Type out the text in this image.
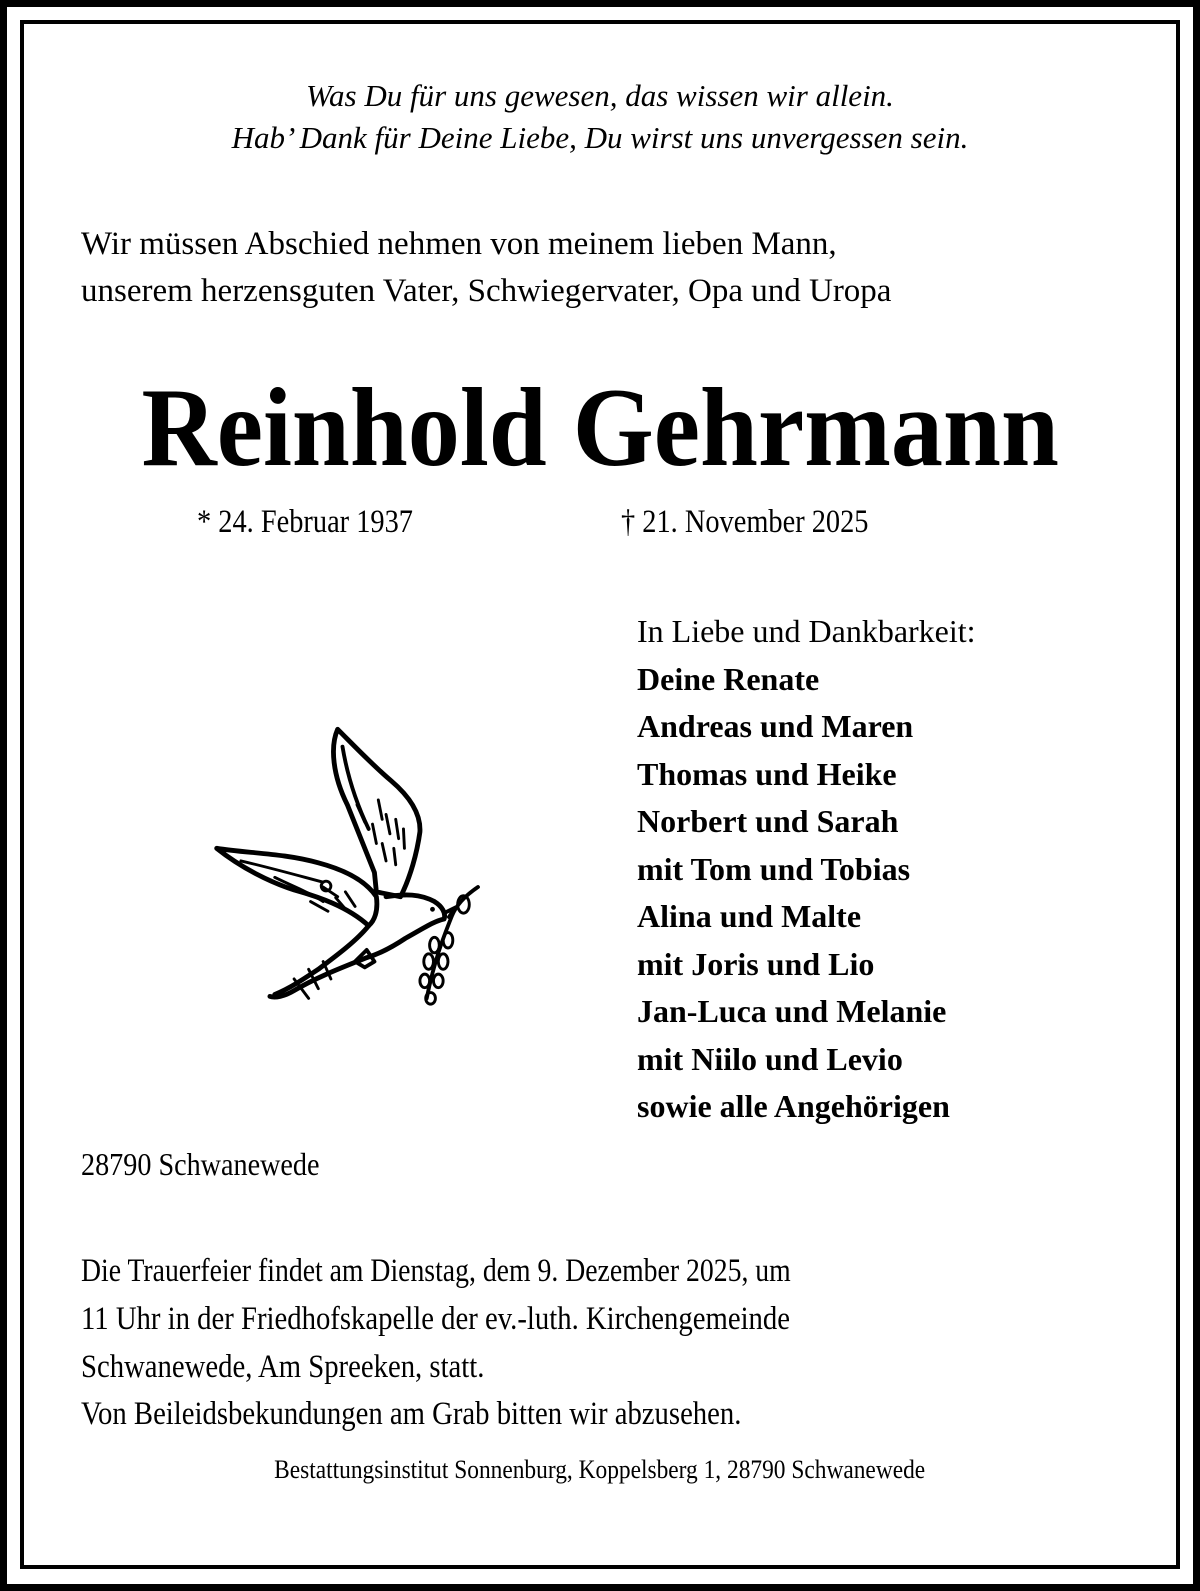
Was Du für uns gewesen, das wissen wir allein.
Hab’ Dank für Deine Liebe, Du wirst uns unvergessen sein.
Wir müssen Abschied nehmen von meinem lieben Mann,
unserem herzensguten Vater, Schwiegervater, Opa und Uropa
Reinhold Gehrmann
* 24. Februar 1937	† 21. November 2025
In Liebe und Dankbarkeit:
Deine Renate
Andreas und Maren
Thomas und Heike
Norbert und Sarah
mit Tom und Tobias
Alina und Malte
mit Joris und Lio
Jan-Luca und Melanie
mit Niilo und Levio
sowie alle Angehörigen
28790 Schwanewede
Die Trauerfeier findet am Dienstag, dem 9. Dezember 2025, um
11 Uhr in der Friedhofskapelle der ev.-luth. Kirchengemeinde
Schwanewede, Am Spreeken, statt.
Von Beileidsbekundungen am Grab bitten wir abzusehen.
Bestattungsinstitut Sonnenburg, Koppelsberg 1, 28790 Schwanewede
